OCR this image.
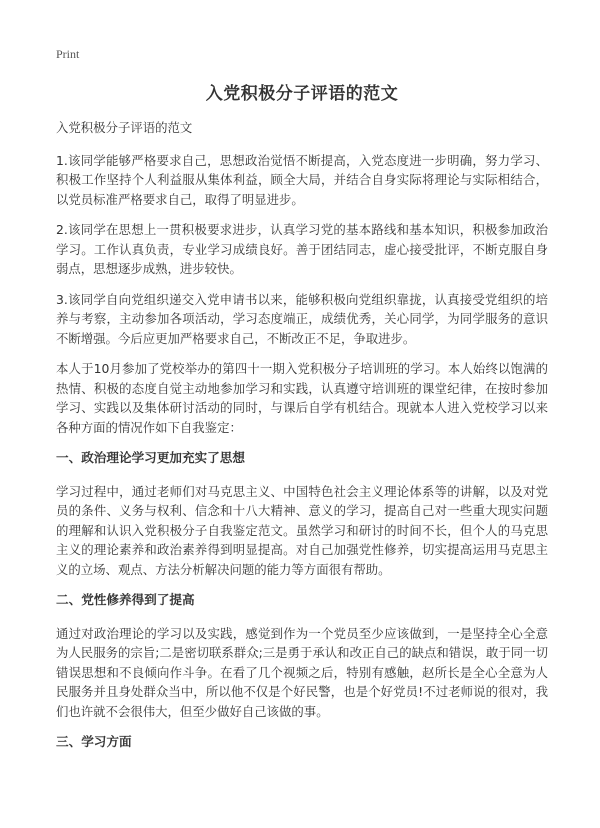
Print
入党积极分子评语的范文

入党积极分子评语的范文

1.该同学能够严格要求自己，思想政治觉悟不断提高，入党态度进一步明确，努力学习、积极工作坚持个人利益服从集体利益，顾全大局，并结合自身实际将理论与实际相结合，以党员标准严格要求自己，取得了明显进步。

2.该同学在思想上一贯积极要求进步，认真学习党的基本路线和基本知识，积极参加政治学习。工作认真负责，专业学习成绩良好。善于团结同志，虚心接受批评，不断克服自身弱点，思想逐步成熟，进步较快。

3.该同学自向党组织递交入党申请书以来，能够积极向党组织靠拢，认真接受党组织的培养与考察，主动参加各项活动，学习态度端正，成绩优秀，关心同学，为同学服务的意识不断增强。今后应更加严格要求自己，不断改正不足，争取进步。

本人于10月参加了党校举办的第四十一期入党积极分子培训班的学习。本人始终以饱满的热情、积极的态度自觉主动地参加学习和实践，认真遵守培训班的课堂纪律，在按时参加学习、实践以及集体研讨活动的同时，与课后自学有机结合。现就本人进入党校学习以来各种方面的情况作如下自我鉴定：

一、政治理论学习更加充实了思想

学习过程中，通过老师们对马克思主义、中国特色社会主义理论体系等的讲解，以及对党员的条件、义务与权利、信念和十八大精神、意义的学习，提高自己对一些重大现实问题的理解和认识入党积极分子自我鉴定范文。虽然学习和研讨的时间不长，但个人的马克思主义的理论素养和政治素养得到明显提高。对自己加强党性修养，切实提高运用马克思主义的立场、观点、方法分析解决问题的能力等方面很有帮助。

二、党性修养得到了提高

通过对政治理论的学习以及实践，感觉到作为一个党员至少应该做到，一是坚持全心全意为人民服务的宗旨;二是密切联系群众;三是勇于承认和改正自己的缺点和错误，敢于同一切错误思想和不良倾向作斗争。在看了几个视频之后，特别有感触，赵所长是全心全意为人民服务并且身处群众当中，所以他不仅是个好民警，也是个好党员!不过老师说的很对，我们也许就不会很伟大，但至少做好自己该做的事。

三、学习方面
